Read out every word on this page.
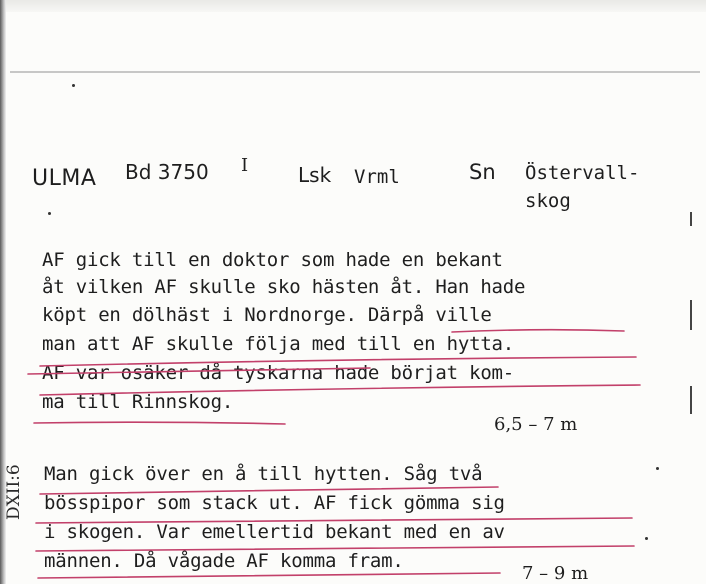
ULMA Bd 3750 I Lsk Vrml	Sn Östervall-
skog
AF gick till en doktor som hade en bekant
åt vilken AF skulle sko hästen åt. Han hade
köpt en dölhäst i Nordnorge. Därpå ville
man att AF skulle följa med till en hytta.
AF var osäker då tyskarna hade börjat kom-
ma till Rinnskog.
6,5 – 7 m
Man gick över en å till hytten. Såg två
bösspipor som stack ut. AF fick gömma sig
i skogen. Var emellertid bekant med en av
männen. Då vågade AF komma fram.
7 – 9 m
DXII:6
